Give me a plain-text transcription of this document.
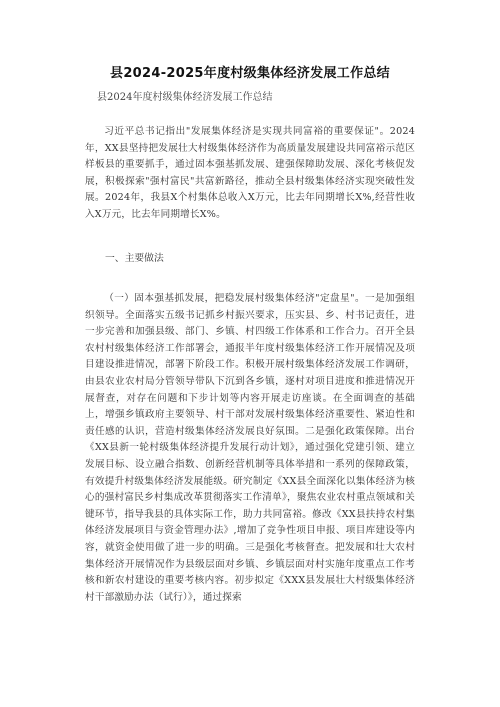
县2024-2025年度村级集体经济发展工作总结
县2024年度村级集体经济发展工作总结

习近平总书记指出"发展集体经济是实现共同富裕的重要保证"。2024年，XX县坚持把发展壮大村级集体经济作为高质量发展建设共同富裕示范区样板县的重要抓手，通过固本强基抓发展、建强保障助发展、深化考核促发展，积极探索"强村富民"共富新路径，推动全县村级集体经济实现突破性发展。2024年，我县X个村集体总收入X万元，比去年同期增长X%,经营性收入X万元，比去年同期增长X%。

一、主要做法

（一）固本强基抓发展，把稳发展村级集体经济"定盘星"。一是加强组织领导。全面落实五级书记抓乡村振兴要求，压实县、乡、村书记责任，进一步完善和加强县级、部门、乡镇、村四级工作体系和工作合力。召开全县农村村级集体经济工作部署会，通报半年度村级集体经济工作开展情况及项目建设推进情况，部署下阶段工作。积极开展村级集体经济发展工作调研，由县农业农村局分管领导带队下沉到各乡镇，逐村对项目进度和推进情况开展督查，对存在问题和下步计划等内容开展走访座谈。在全面调查的基础上，增强乡镇政府主要领导、村干部对发展村级集体经济重要性、紧迫性和责任感的认识，营造村级集体经济发展良好氛围。二是强化政策保障。出台《XX县新一轮村级集体经济提升发展行动计划》，通过强化党建引领、建立发展目标、设立融合指数、创新经营机制等具体举措和一系列的保障政策，有效提升村级集体经济发展能级。研究制定《XX县全面深化以集体经济为核心的强村富民乡村集成改革贯彻落实工作清单》，聚焦农业农村重点领域和关键环节，指导我县的具体实际工作，助力共同富裕。修改《XX县扶持农村集体经济发展项目与资金管理办法》,增加了竞争性项目申报、项目库建设等内容，就资金使用做了进一步的明确。三是强化考核督查。把发展和壮大农村集体经济开展情况作为县级层面对乡镇、乡镇层面对村实施年度重点工作考核和新农村建设的重要考核内容。初步拟定《XXX县发展壮大村级集体经济村干部激励办法（试行）》，通过探索
